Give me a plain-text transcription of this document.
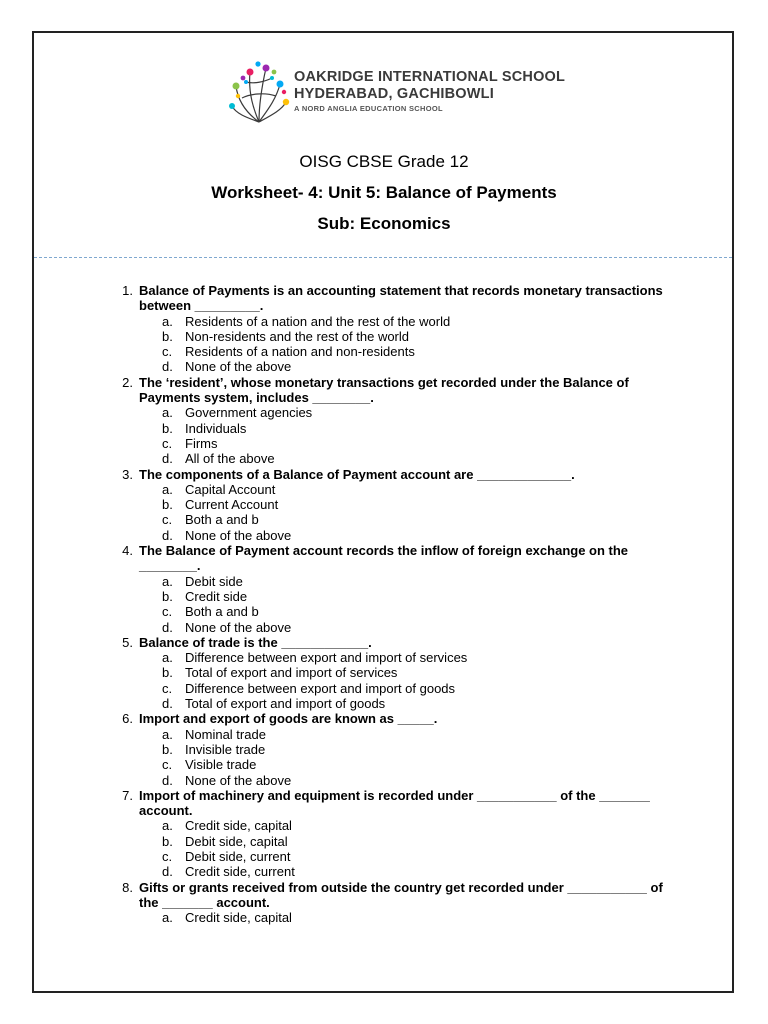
OAKRIDGE INTERNATIONAL SCHOOL
HYDERABAD, GACHIBOWLI
A NORD ANGLIA EDUCATION SCHOOL
OISG CBSE Grade 12
Worksheet- 4: Unit 5: Balance of Payments
Sub: Economics
1. Balance of Payments is an accounting statement that records monetary transactions between _________.
a. Residents of a nation and the rest of the world
b. Non-residents and the rest of the world
c. Residents of a nation and non-residents
d. None of the above
2. The ‘resident’, whose monetary transactions get recorded under the Balance of Payments system, includes ________.
a. Government agencies
b. Individuals
c. Firms
d. All of the above
3. The components of a Balance of Payment account are _____________.
a. Capital Account
b. Current Account
c. Both a and b
d. None of the above
4. The Balance of Payment account records the inflow of foreign exchange on the ________.
a. Debit side
b. Credit side
c. Both a and b
d. None of the above
5. Balance of trade is the ____________.
a. Difference between export and import of services
b. Total of export and import of services
c. Difference between export and import of goods
d. Total of export and import of goods
6. Import and export of goods are known as _____.
a. Nominal trade
b. Invisible trade
c. Visible trade
d. None of the above
7. Import of machinery and equipment is recorded under ___________ of the _______ account.
a. Credit side, capital
b. Debit side, capital
c. Debit side, current
d. Credit side, current
8. Gifts or grants received from outside the country get recorded under ___________ of the _______ account.
a. Credit side, capital
